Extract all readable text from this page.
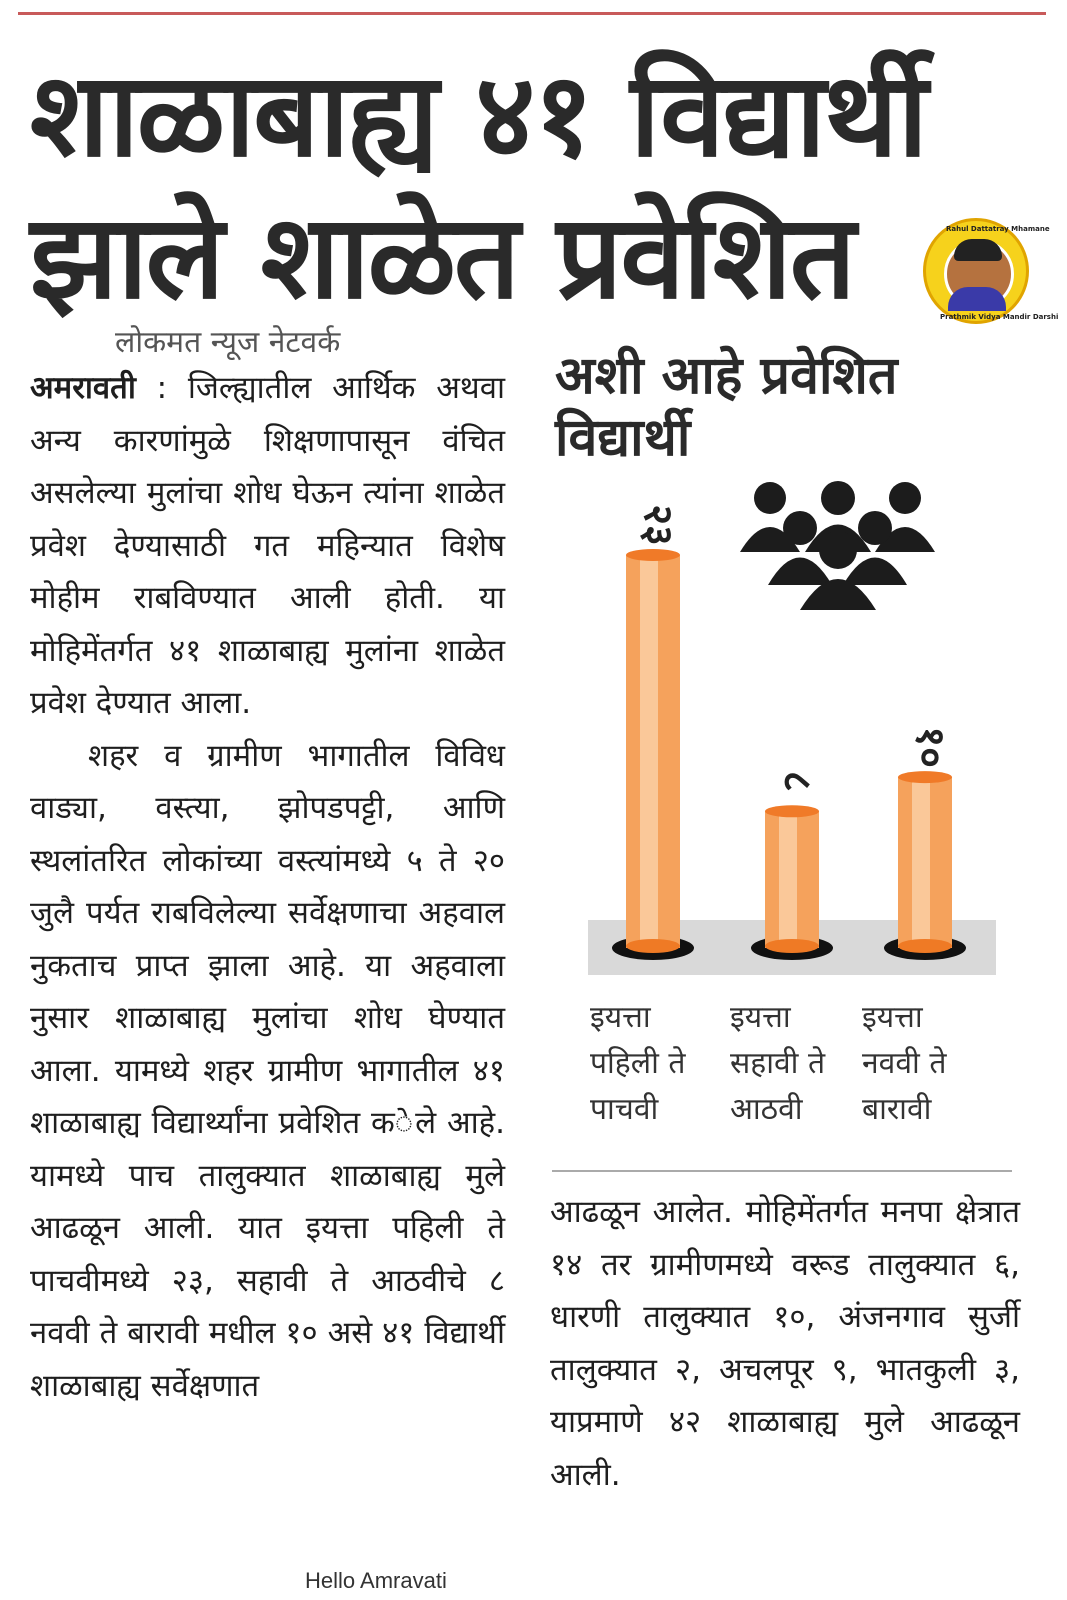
शाळाबाह्य ४१ विद्यार्थी
झाले शाळेत प्रवेशित	Rahul Dattatray Mhamane
Prathmik Vidya Mandir Darshi
लोकमत न्यूज नेटवर्क

अमरावती : जिल्ह्यातील आर्थिक अथवा अन्य कारणांमुळे शिक्षणापासून वंचित असलेल्या मुलांचा शोध घेऊन त्यांना शाळेत प्रवेश देण्यासाठी गत महिन्यात विशेष मोहीम राबविण्यात आली होती. या मोहिमेंतर्गत ४१ शाळाबाह्य मुलांना शाळेत प्रवेश देण्यात आला.

शहर व ग्रामीण भागातील विविध वाड्या, वस्त्या, झोपडपट्टी, आणि स्थलांतरित लोकांच्या वस्त्यांमध्ये ५ ते २० जुलै पर्यत राबविलेल्या सर्वेक्षणाचा अहवाल नुकताच प्राप्त झाला आहे. या अहवाला नुसार शाळाबाह्य मुलांचा शोध घेण्यात आला. यामध्ये शहर ग्रामीण भागातील ४१ शाळाबाह्य विद्यार्थ्यांना प्रवेशित क◌ेले आहे. यामध्ये पाच तालुक्यात शाळाबाह्य मुले आढळून आली. यात इयत्ता पहिली ते पाचवीमध्ये २३, सहावी ते आठवीचे ८ नववी ते बारावी मधील १० असे ४१ विद्यार्थी शाळाबाह्य सर्वेक्षणात

अशी आहे प्रवेशित विद्यार्थी
२३
८
१०
इयत्ता
पहिली ते
पाचवी
इयत्ता
सहावी ते
आठवी
इयत्ता
नववी ते
बारावी

आढळून आलेत. मोहिमेंतर्गत मनपा क्षेत्रात १४ तर ग्रामीणमध्ये वरूड तालुक्यात ६, धारणी तालुक्यात १०, अंजनगाव सुर्जी तालुक्यात २, अचलपूर ९, भातकुली ३, याप्रमाणे ४२ शाळाबाह्य मुले आढळून आली.

Hello Amravati
